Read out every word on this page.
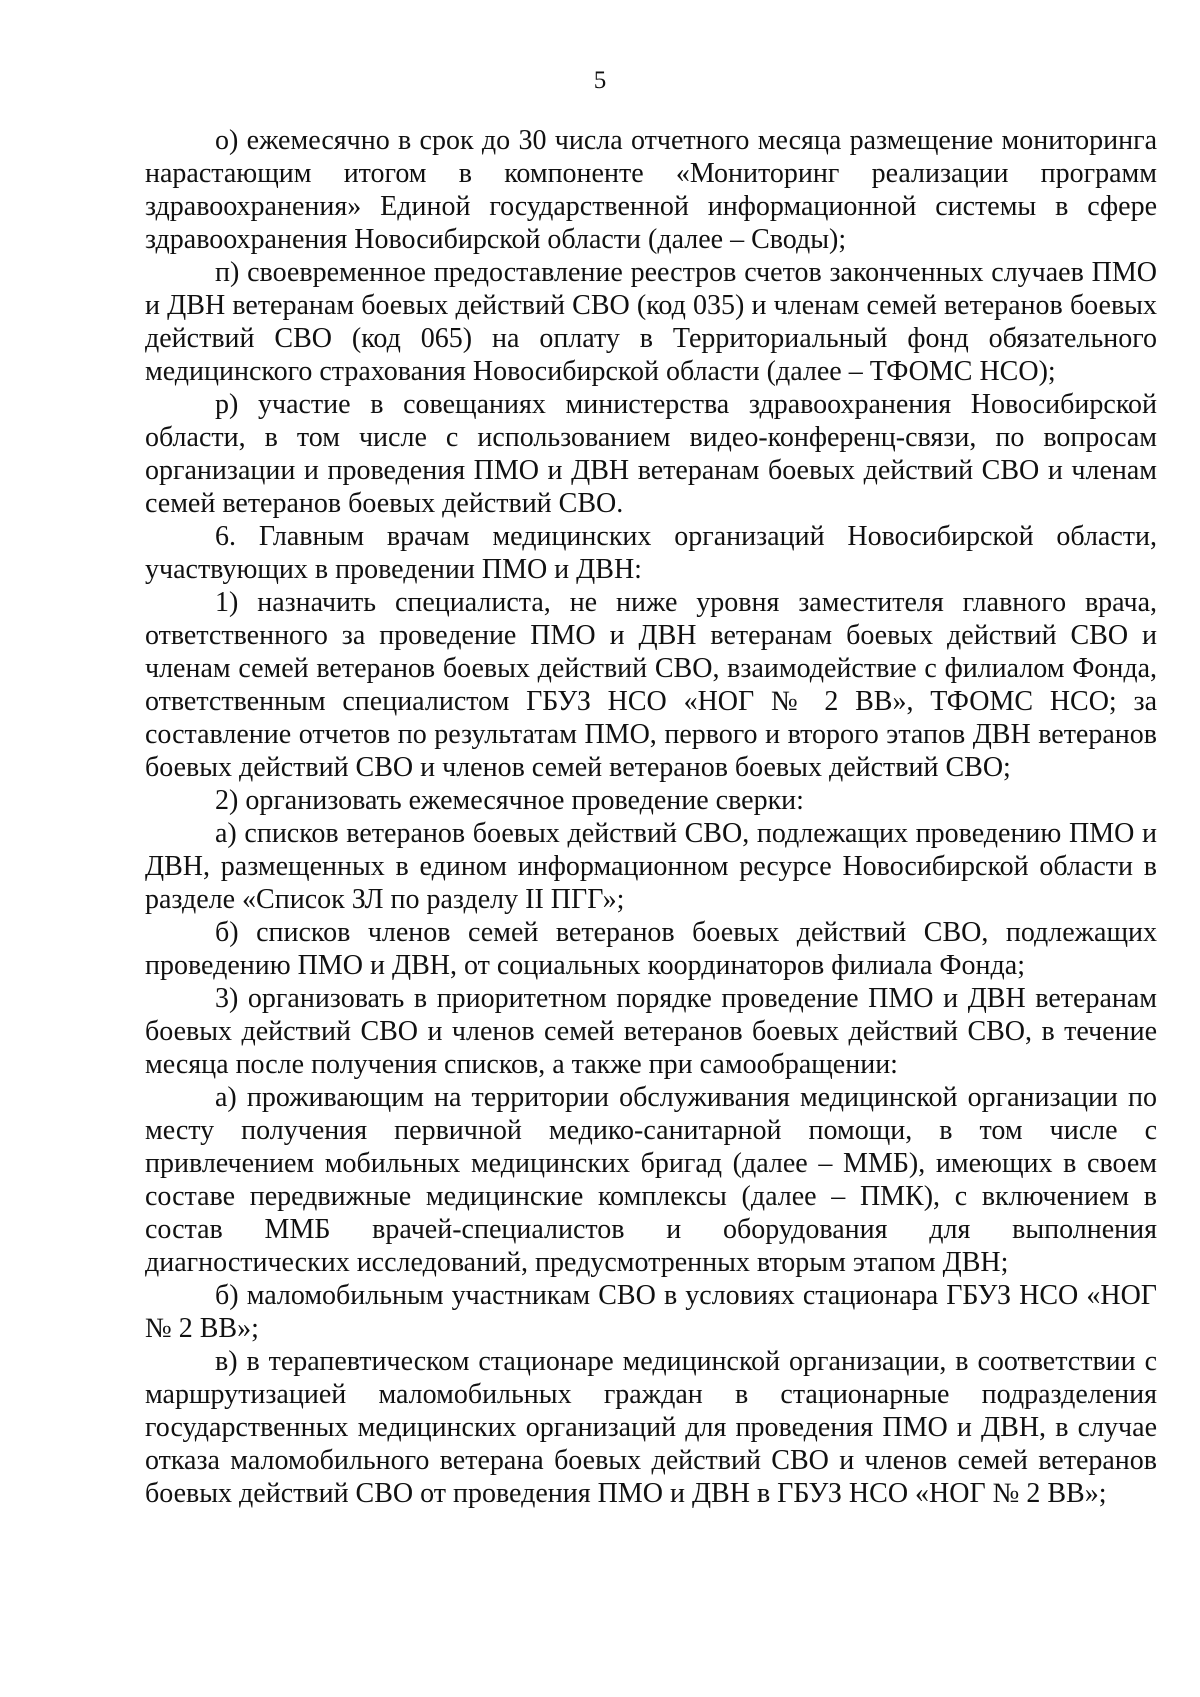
5

о) ежемесячно в срок до 30 числа отчетного месяца размещение мониторинга нарастающим итогом в компоненте «Мониторинг реализации программ здравоохранения» Единой государственной информационной системы в сфере здравоохранения Новосибирской области (далее – Своды);

п) своевременное предоставление реестров счетов законченных случаев ПМО и ДВН ветеранам боевых действий СВО (код 035) и членам семей ветеранов боевых действий СВО (код 065) на оплату в Территориальный фонд обязательного медицинского страхования Новосибирской области (далее – ТФОМС НСО);

р) участие в совещаниях министерства здравоохранения Новосибирской области, в том числе с использованием видео-конференц-связи, по вопросам организации и проведения ПМО и ДВН ветеранам боевых действий СВО и членам семей ветеранов боевых действий СВО.

6. Главным врачам медицинских организаций Новосибирской области, участвующих в проведении ПМО и ДВН:

1) назначить специалиста, не ниже уровня заместителя главного врача, ответственного за проведение ПМО и ДВН ветеранам боевых действий СВО и членам семей ветеранов боевых действий СВО, взаимодействие с филиалом Фонда, ответственным специалистом ГБУЗ НСО «НОГ № 2 ВВ», ТФОМС НСО; за составление отчетов по результатам ПМО, первого и второго этапов ДВН ветеранов боевых действий СВО и членов семей ветеранов боевых действий СВО;

2) организовать ежемесячное проведение сверки:

а) списков ветеранов боевых действий СВО, подлежащих проведению ПМО и ДВН, размещенных в едином информационном ресурсе Новосибирской области в разделе «Список ЗЛ по разделу II ПГГ»;

б) списков членов семей ветеранов боевых действий СВО, подлежащих проведению ПМО и ДВН, от социальных координаторов филиала Фонда;

3) организовать в приоритетном порядке проведение ПМО и ДВН ветеранам боевых действий СВО и членов семей ветеранов боевых действий СВО, в течение месяца после получения списков, а также при самообращении:

а) проживающим на территории обслуживания медицинской организации по месту получения первичной медико-санитарной помощи, в том числе с привлечением мобильных медицинских бригад (далее – ММБ), имеющих в своем составе передвижные медицинские комплексы (далее – ПМК), с включением в состав ММБ врачей-специалистов и оборудования для выполнения диагностических исследований, предусмотренных вторым этапом ДВН;

б) маломобильным участникам СВО в условиях стационара ГБУЗ НСО «НОГ № 2 ВВ»;

в) в терапевтическом стационаре медицинской организации, в соответствии с маршрутизацией маломобильных граждан в стационарные подразделения государственных медицинских организаций для проведения ПМО и ДВН, в случае отказа маломобильного ветерана боевых действий СВО и членов семей ветеранов боевых действий СВО от проведения ПМО и ДВН в ГБУЗ НСО «НОГ № 2 ВВ»;
